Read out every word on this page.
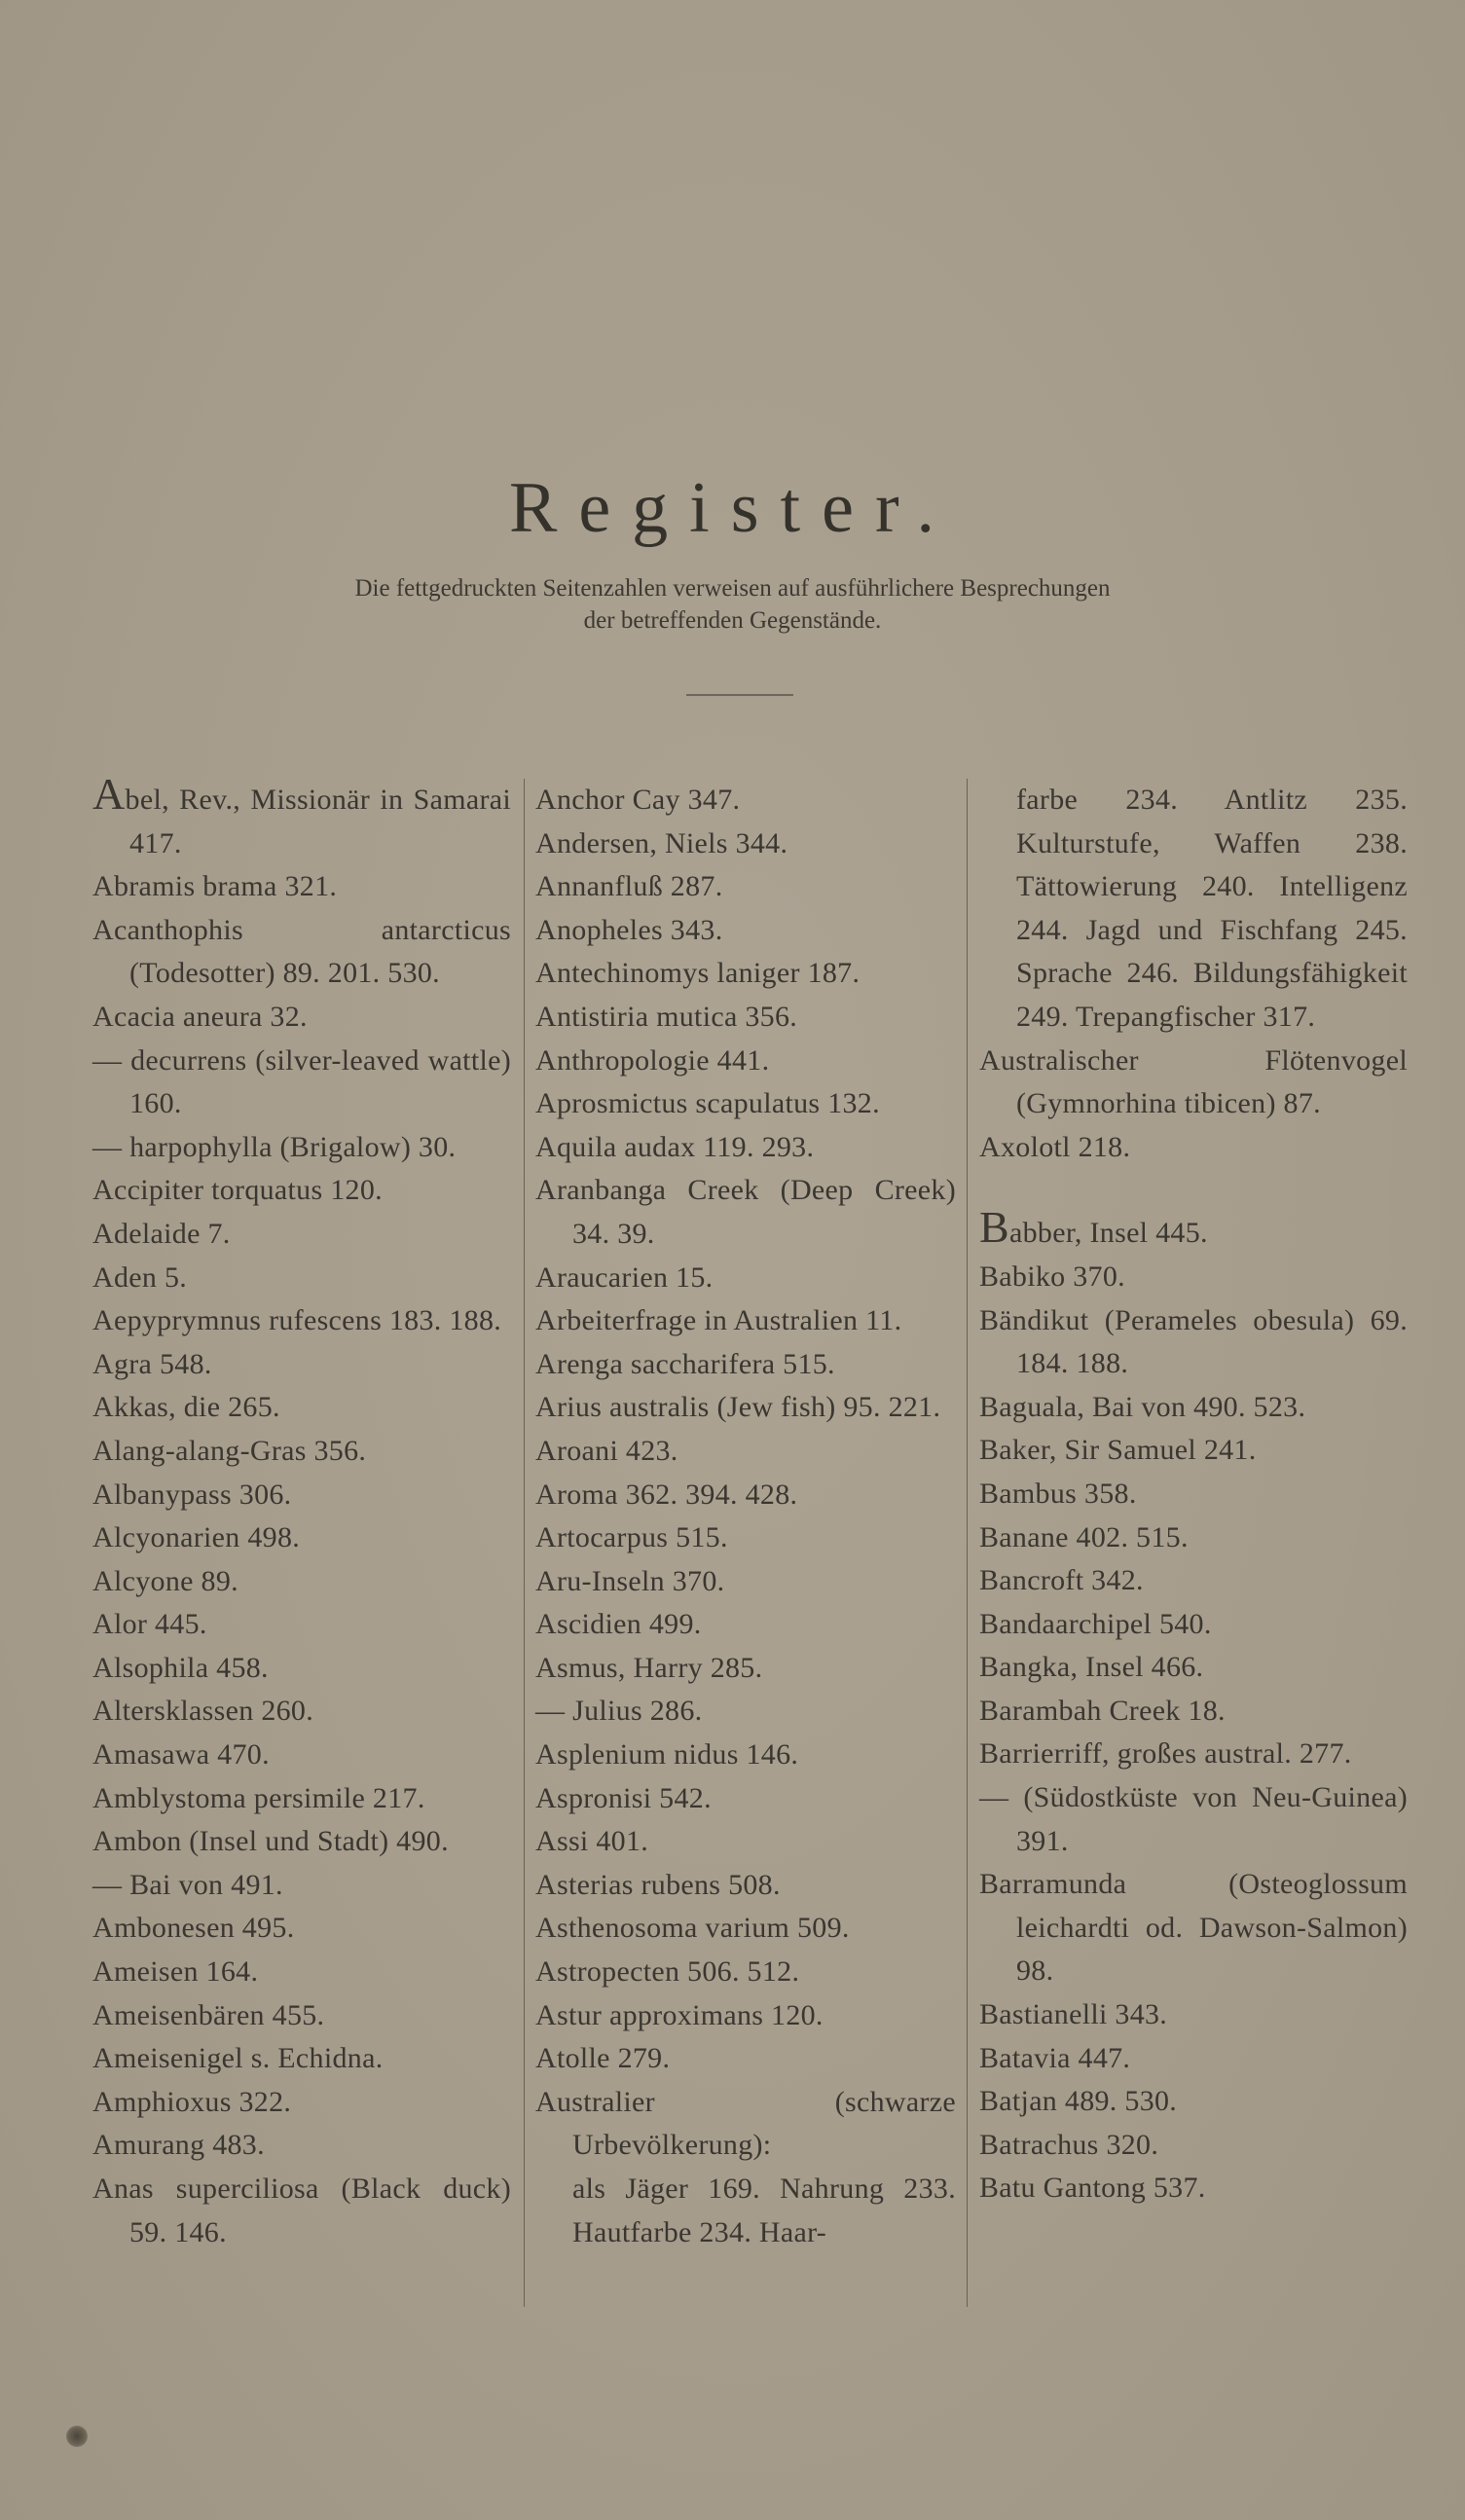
Register.
Die fettgedruckten Seitenzahlen verweisen auf ausführlichere Besprechungen
der betreffenden Gegenstände.

Abel, Rev., Missionär in Samarai 417.

Abramis brama 321.

Acanthophis antarcticus (Todesotter) 89. 201. 530.

Acacia aneura 32.

— decurrens (silver-leaved wattle) 160.

— harpophylla (Brigalow) 30.

Accipiter torquatus 120.

Adelaide 7.

Aden 5.

Aepyprymnus rufescens 183. 188.

Agra 548.

Akkas, die 265.

Alang-alang-Gras 356.

Albanypass 306.

Alcyonarien 498.

Alcyone 89.

Alor 445.

Alsophila 458.

Altersklassen 260.

Amasawa 470.

Amblystoma persimile 217.

Ambon (Insel und Stadt) 490.

— Bai von 491.

Ambonesen 495.

Ameisen 164.

Ameisenbären 455.

Ameisenigel s. Echidna.

Amphioxus 322.

Amurang 483.

Anas superciliosa (Black duck) 59. 146.

Anchor Cay 347.

Andersen, Niels 344.

Annanfluß 287.

Anopheles 343.

Antechinomys laniger 187.

Antistiria mutica 356.

Anthropologie 441.

Aprosmictus scapulatus 132.

Aquila audax 119. 293.

Aranbanga Creek (Deep Creek) 34. 39.

Araucarien 15.

Arbeiterfrage in Australien 11.

Arenga saccharifera 515.

Arius australis (Jew fish) 95. 221.

Aroani 423.

Aroma 362. 394. 428.

Artocarpus 515.

Aru-Inseln 370.

Ascidien 499.

Asmus, Harry 285.

— Julius 286.

Asplenium nidus 146.

Aspronisi 542.

Assi 401.

Asterias rubens 508.

Asthenosoma varium 509.

Astropecten 506. 512.

Astur approximans 120.

Atolle 279.

Australier (schwarze Urbevölkerung):

als Jäger 169. Nahrung 233. Hautfarbe 234. Haar-

farbe 234. Antlitz 235. Kulturstufe, Waffen 238. Tättowierung 240. Intelligenz 244. Jagd und Fischfang 245. Sprache 246. Bildungsfähigkeit 249. Trepangfischer 317.

Australischer Flötenvogel (Gymnorhina tibicen) 87.

Axolotl 218.

Babber, Insel 445.

Babiko 370.

Bändikut (Perameles obesula) 69. 184. 188.

Baguala, Bai von 490. 523.

Baker, Sir Samuel 241.

Bambus 358.

Banane 402. 515.

Bancroft 342.

Bandaarchipel 540.

Bangka, Insel 466.

Barambah Creek 18.

Barrierriff, großes austral. 277.

— (Südostküste von Neu-Guinea) 391.

Barramunda (Osteoglossum leichardti od. Dawson-Salmon) 98.

Bastianelli 343.

Batavia 447.

Batjan 489. 530.

Batrachus 320.

Batu Gantong 537.
